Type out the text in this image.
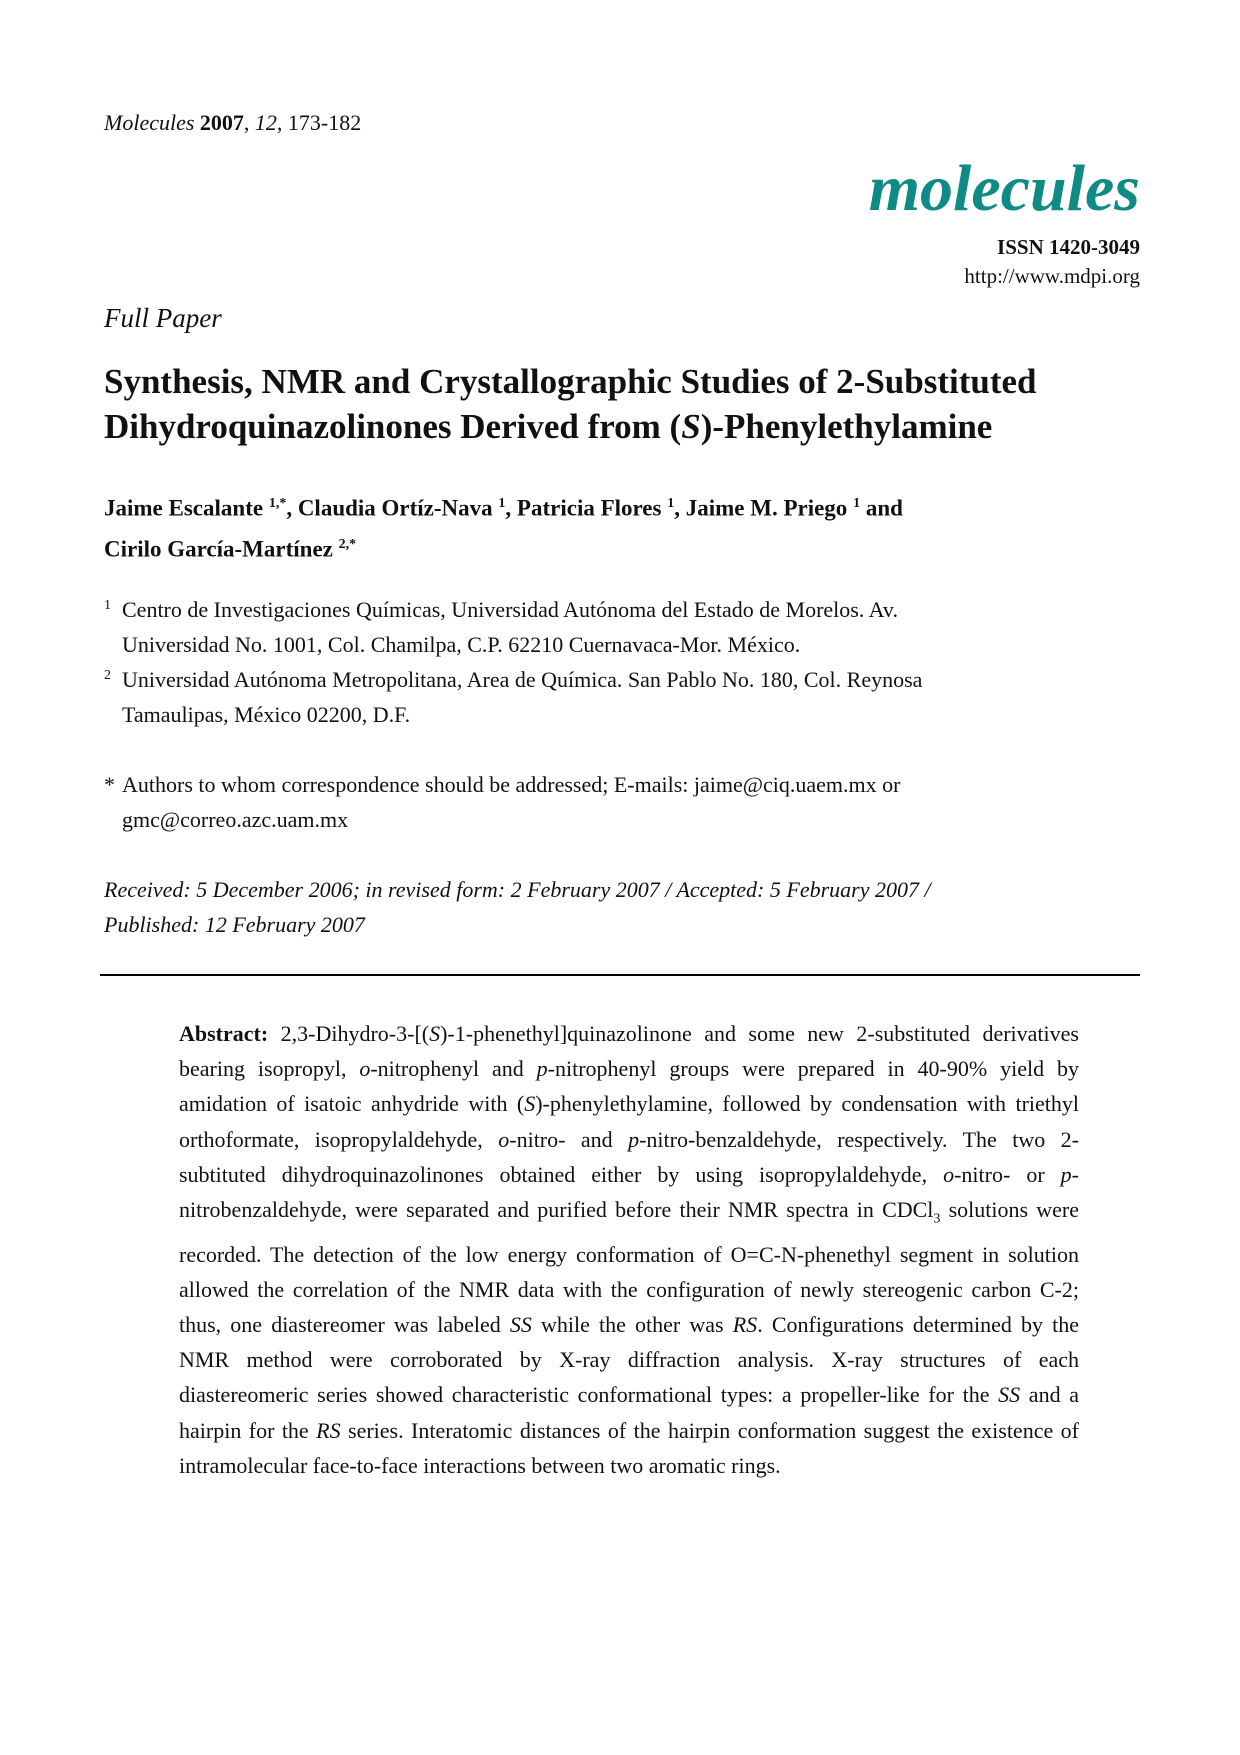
Molecules 2007, 12, 173-182
molecules
ISSN 1420-3049
http://www.mdpi.org
Full Paper
Synthesis, NMR and Crystallographic Studies of 2-Substituted
Dihydroquinazolinones Derived from (S)-Phenylethylamine
Jaime Escalante $^{1,*}$, Claudia Ortíz-Nava $^1$, Patricia Flores $^1$, Jaime M. Priego $^1$ and
Cirilo García-Martínez $^{2,*}$
1 Centro de Investigaciones Químicas, Universidad Autónoma del Estado de Morelos. Av.
Universidad No. 1001, Col. Chamilpa, C.P. 62210 Cuernavaca-Mor. México.
2 Universidad Autónoma Metropolitana, Area de Química. San Pablo No. 180, Col. Reynosa
Tamaulipas, México 02200, D.F.
* Authors to whom correspondence should be addressed; E-mails: jaime@ciq.uaem.mx or
gmc@correo.azc.uam.mx
Received: 5 December 2006; in revised form: 2 February 2007 / Accepted: 5 February 2007 /
Published: 12 February 2007
Abstract: 2,3-Dihydro-3-[(S)-1-phenethyl]quinazolinone and some new 2-substituted derivatives bearing isopropyl, o-nitrophenyl and p-nitrophenyl groups were prepared in 40-90% yield by amidation of isatoic anhydride with (S)-phenylethylamine, followed by condensation with triethyl orthoformate, isopropylaldehyde, o-nitro- and p-nitro-benzaldehyde, respectively. The two 2-subtituted dihydroquinazolinones obtained either by using isopropylaldehyde, o-nitro- or p-nitrobenzaldehyde, were separated and purified before their NMR spectra in CDCl$_3$ solutions were recorded. The detection of the low energy conformation of O=C-N-phenethyl segment in solution allowed the correlation of the NMR data with the configuration of newly stereogenic carbon C-2; thus, one diastereomer was labeled SS while the other was RS. Configurations determined by the NMR method were corroborated by X-ray diffraction analysis. X-ray structures of each diastereomeric series showed characteristic conformational types: a propeller-like for the SS and a hairpin for the RS series. Interatomic distances of the hairpin conformation suggest the existence of intramolecular face-to-face interactions between two aromatic rings.
